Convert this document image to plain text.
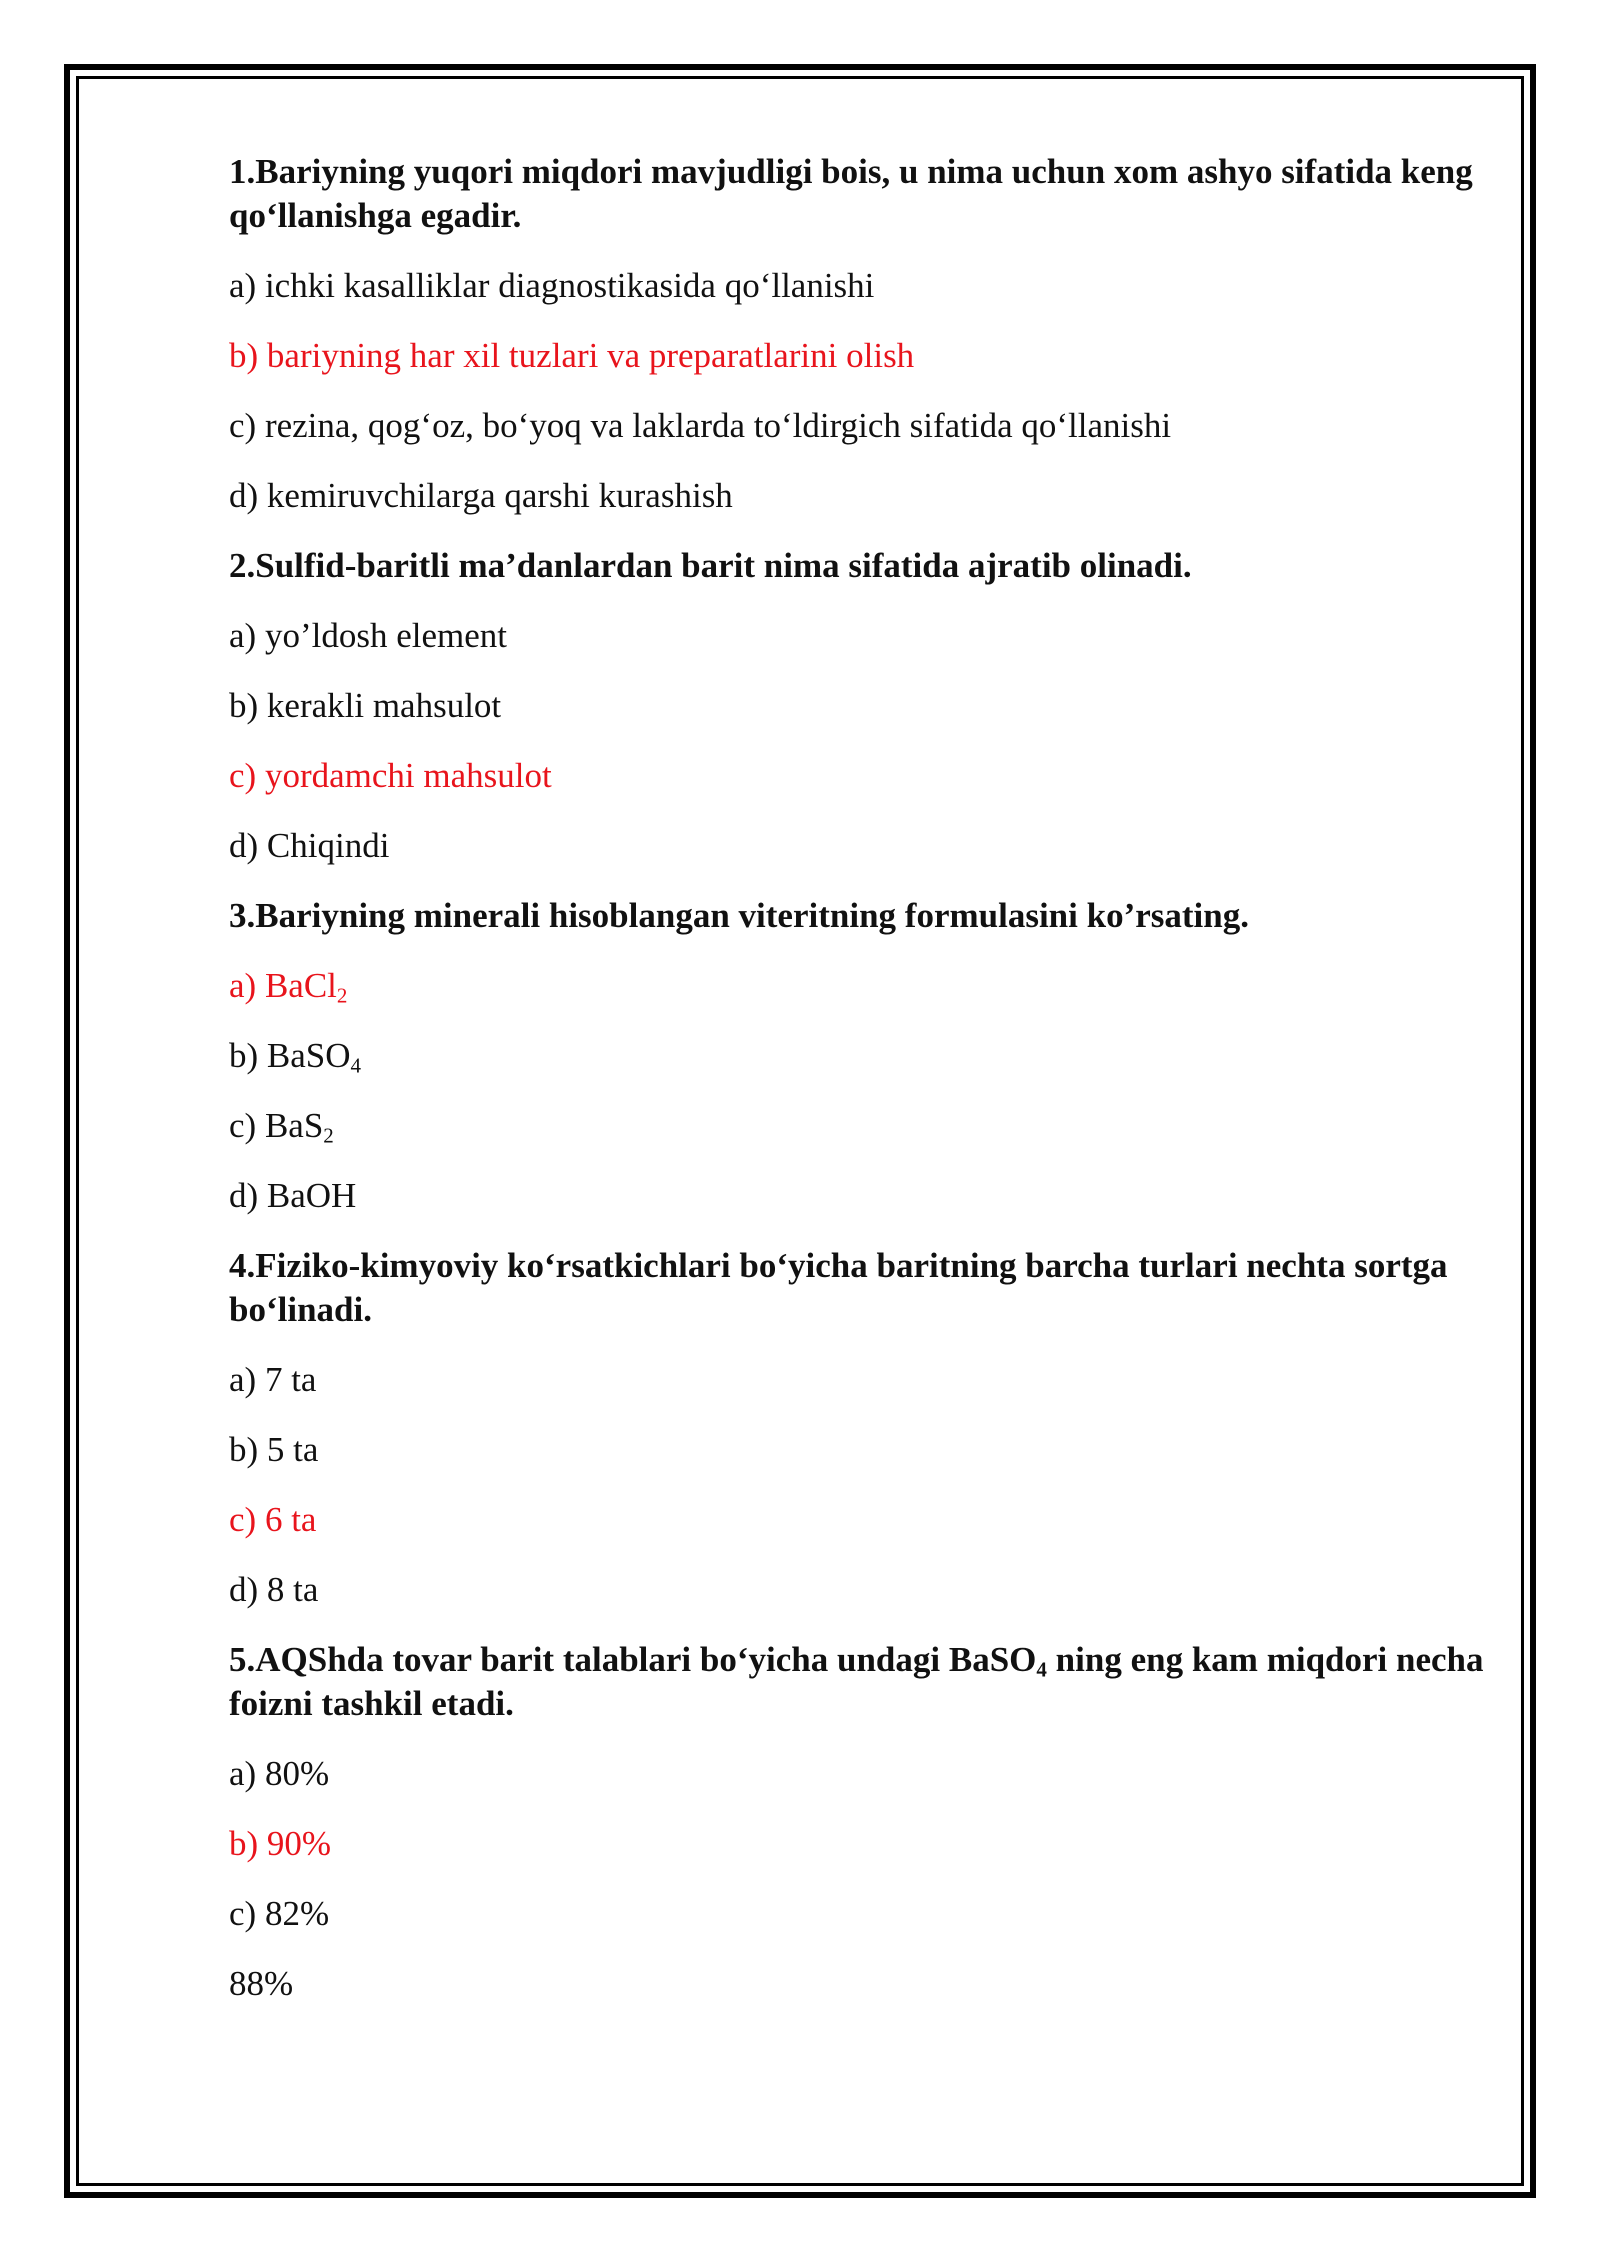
1.Bariyning yuqori miqdori mavjudligi bois, u nima uchun xom ashyo sifatida keng qo‘llanishga egadir.

a) ichki kasalliklar diagnostikasida qo‘llanishi

b) bariyning har xil tuzlari va preparatlarini olish

c) rezina, qog‘oz, bo‘yoq va laklarda to‘ldirgich sifatida qo‘llanishi

d) kemiruvchilarga qarshi kurashish

2.Sulfid-baritli ma’danlardan barit nima sifatida ajratib olinadi.

a) yo’ldosh element

b) kerakli mahsulot

c) yordamchi mahsulot

d) Chiqindi

3.Bariyning minerali hisoblangan viteritning formulasini ko’rsating.

a) BaCl$_2$

b) BaSO$_4$

c) BaS$_2$

d) BaOH

4.Fiziko-kimyoviy ko‘rsatkichlari bo‘yicha baritning barcha turlari nechta sortga bo‘linadi.

a) 7 ta

b) 5 ta

c) 6 ta

d) 8 ta

5.AQShda tovar barit talablari bo‘yicha undagi BaSO$_4$ ning eng kam miqdori necha foizni tashkil etadi.

a) 80%

b) 90%

c) 82%

88%
